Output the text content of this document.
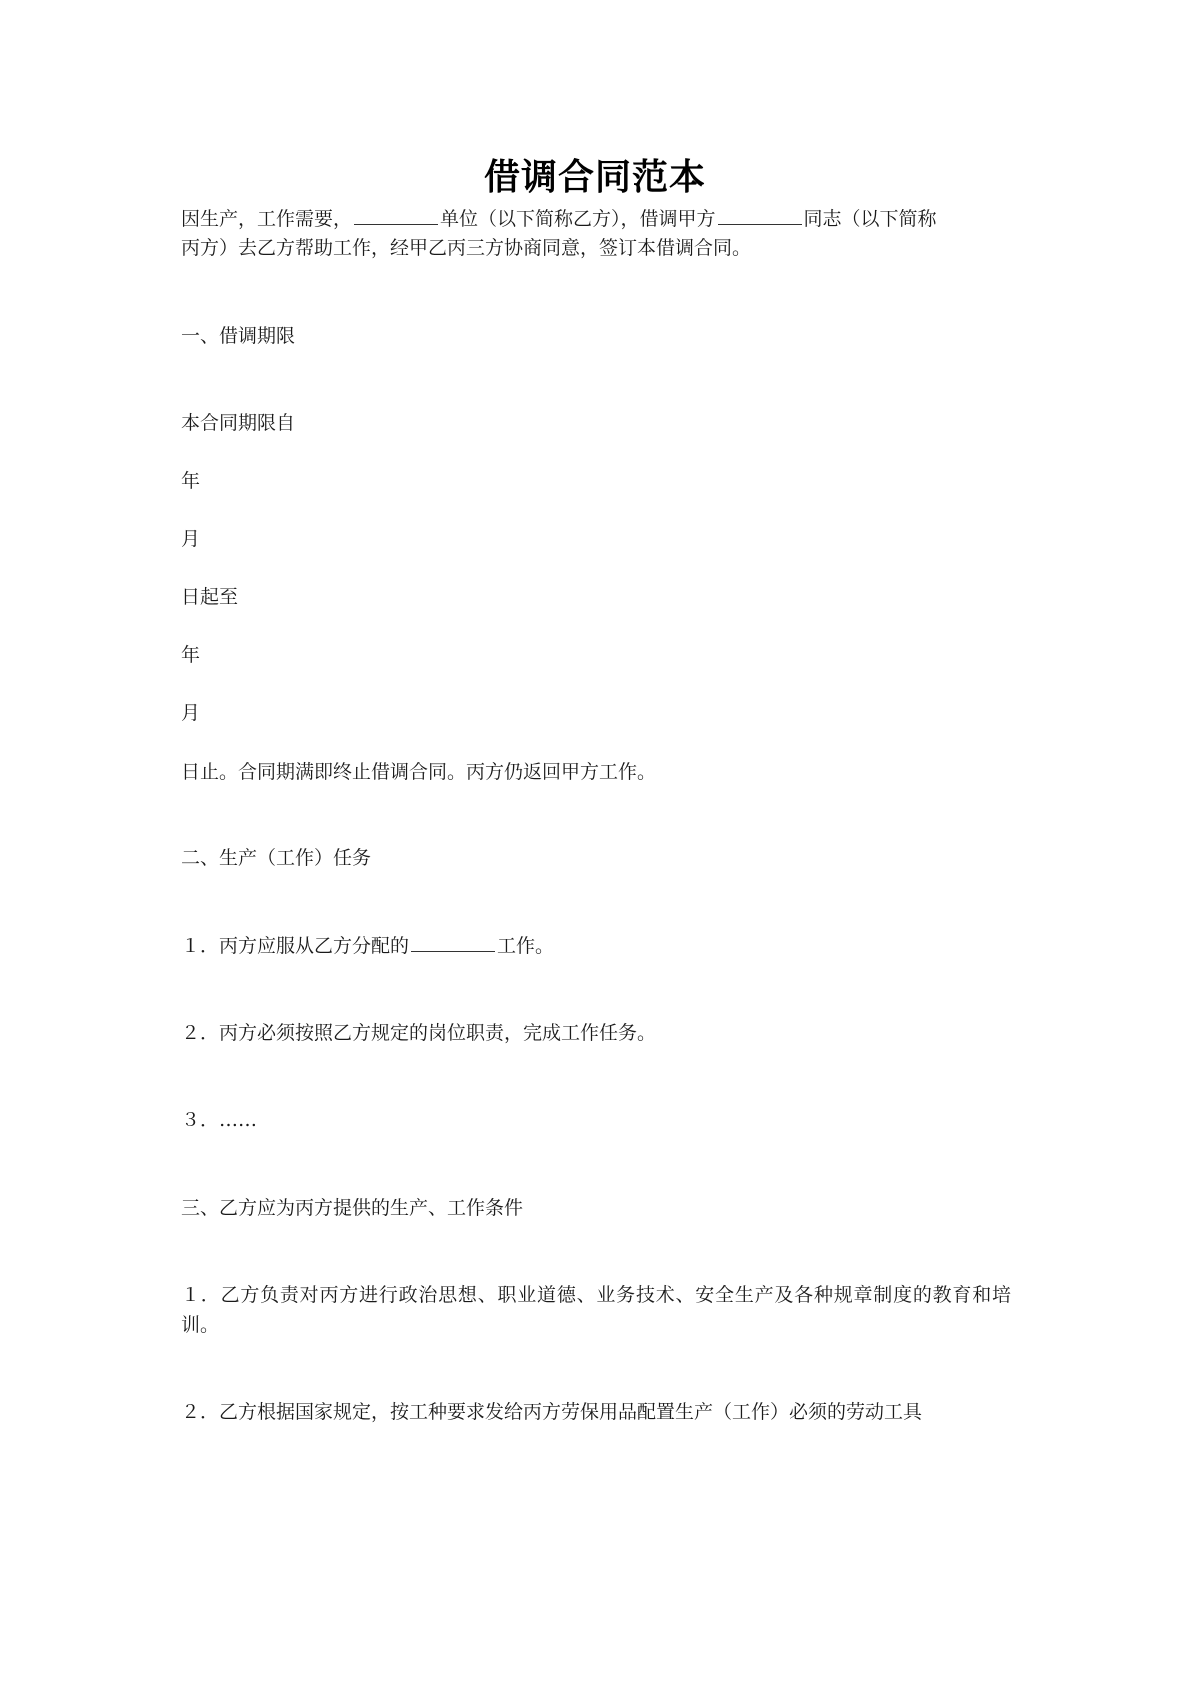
借调合同范本
因生产，工作需要，	单位（以下简称乙方），借调甲方	同志（以下简称
丙方）去乙方帮助工作，经甲乙丙三方协商同意，签订本借调合同。
一、借调期限
本合同期限自
年
月
日起至
年
月
日止。合同期满即终止借调合同。丙方仍返回甲方工作。
二、生产（工作）任务
１．丙方应服从乙方分配的	工作。
２．丙方必须按照乙方规定的岗位职责，完成工作任务。
３．……
三、乙方应为丙方提供的生产、工作条件
１．乙方负责对丙方进行政治思想、职业道德、业务技术、安全生产及各种规章制度的教育和培训。
２．乙方根据国家规定，按工种要求发给丙方劳保用品配置生产（工作）必须的劳动工具
